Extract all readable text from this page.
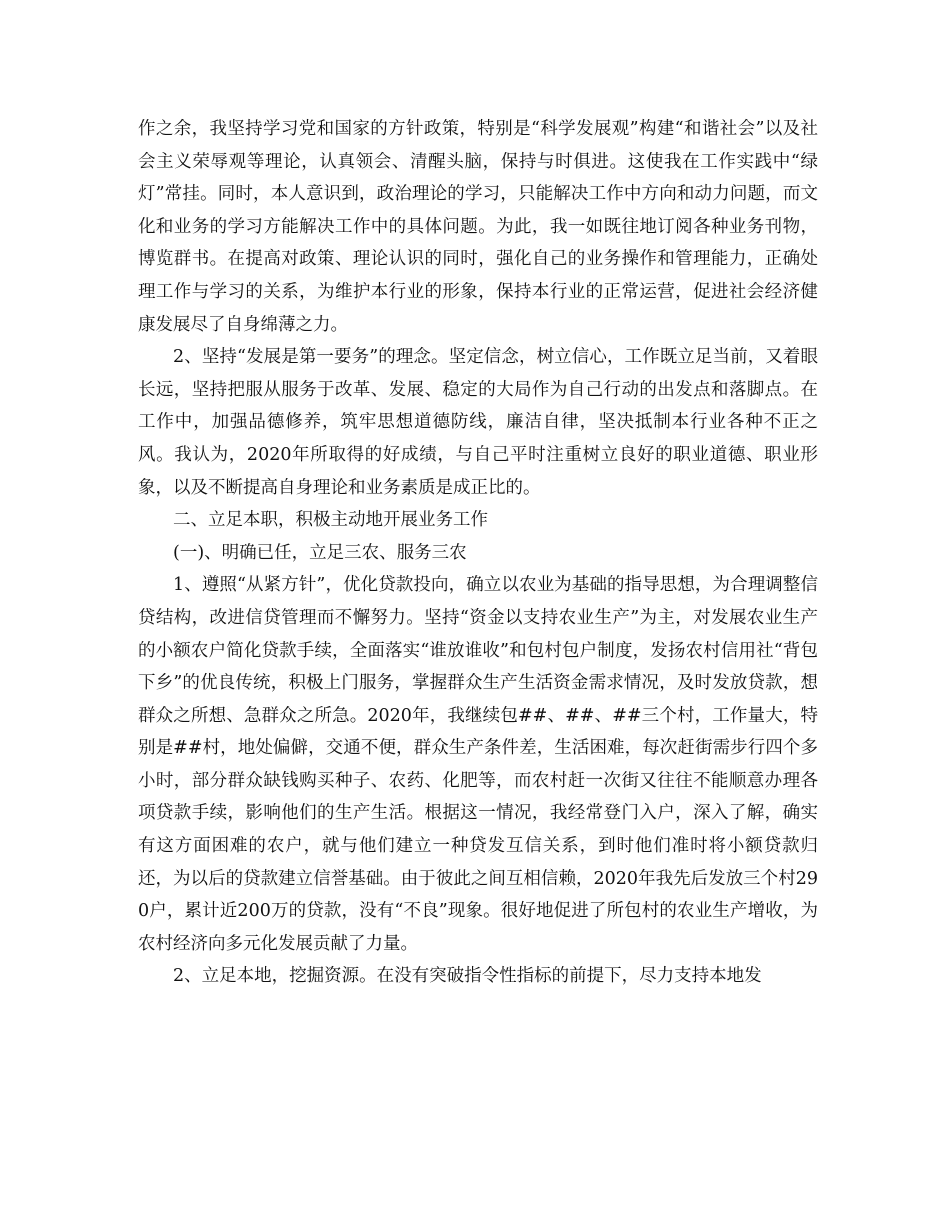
作之余，我坚持学习党和国家的方针政策，特别是“科学发展观”构建“和谐社会”以及社会主义荣辱观等理论，认真领会、清醒头脑，保持与时俱进。这使我在工作实践中“绿灯”常挂。同时，本人意识到，政治理论的学习，只能解决工作中方向和动力问题，而文化和业务的学习方能解决工作中的具体问题。为此，我一如既往地订阅各种业务刊物，博览群书。在提高对政策、理论认识的同时，强化自己的业务操作和管理能力，正确处理工作与学习的关系，为维护本行业的形象，保持本行业的正常运营，促进社会经济健康发展尽了自身绵薄之力。

2、坚持“发展是第一要务”的理念。坚定信念，树立信心，工作既立足当前，又着眼长远，坚持把服从服务于改革、发展、稳定的大局作为自己行动的出发点和落脚点。在工作中，加强品德修养，筑牢思想道德防线，廉洁自律，坚决抵制本行业各种不正之风。我认为，2020年所取得的好成绩，与自己平时注重树立良好的职业道德、职业形象，以及不断提高自身理论和业务素质是成正比的。

二、立足本职，积极主动地开展业务工作

(一)、明确已任，立足三农、服务三农

1、遵照“从紧方针”，优化贷款投向，确立以农业为基础的指导思想，为合理调整信贷结构，改进信贷管理而不懈努力。坚持“资金以支持农业生产”为主，对发展农业生产的小额农户简化贷款手续，全面落实“谁放谁收”和包村包户制度，发扬农村信用社“背包下乡”的优良传统，积极上门服务，掌握群众生产生活资金需求情况，及时发放贷款，想群众之所想、急群众之所急。2020年，我继续包##、##、##三个村，工作量大，特别是##村，地处偏僻，交通不便，群众生产条件差，生活困难，每次赶街需步行四个多小时，部分群众缺钱购买种子、农药、化肥等，而农村赶一次街又往往不能顺意办理各项贷款手续，影响他们的生产生活。根据这一情况，我经常登门入户，深入了解，确实有这方面困难的农户，就与他们建立一种贷发互信关系，到时他们准时将小额贷款归还，为以后的贷款建立信誉基础。由于彼此之间互相信赖，2020年我先后发放三个村290户，累计近200万的贷款，没有“不良”现象。很好地促进了所包村的农业生产增收，为农村经济向多元化发展贡献了力量。

2、立足本地，挖掘资源。在没有突破指令性指标的前提下，尽力支持本地发
